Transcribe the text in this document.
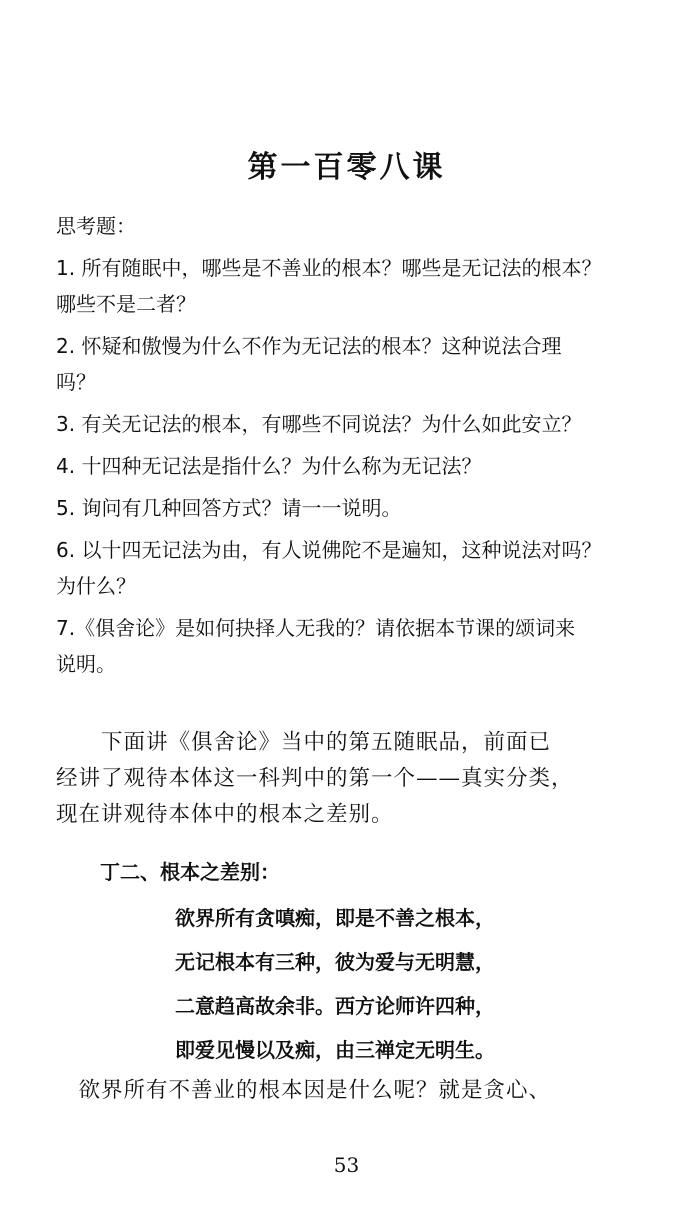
第一百零八课
思考题：
1. 所有随眠中，哪些是不善业的根本？哪些是无记法的根本？
哪些不是二者？
2. 怀疑和傲慢为什么不作为无记法的根本？这种说法合理
吗？
3. 有关无记法的根本，有哪些不同说法？为什么如此安立？
4. 十四种无记法是指什么？为什么称为无记法？
5. 询问有几种回答方式？请一一说明。
6. 以十四无记法为由，有人说佛陀不是遍知，这种说法对吗？
为什么？
7.《俱舍论》是如何抉择人无我的？请依据本节课的颂词来
说明。
　　下面讲《俱舍论》当中的第五随眠品，前面已
经讲了观待本体这一科判中的第一个——真实分类，
现在讲观待本体中的根本之差别。
丁二、根本之差别：
欲界所有贪嗔痴，即是不善之根本，
无记根本有三种，彼为爱与无明慧，
二意趋高故余非。西方论师许四种，
即爱见慢以及痴，由三禅定无明生。
　欲界所有不善业的根本因是什么呢？就是贪心、
53
